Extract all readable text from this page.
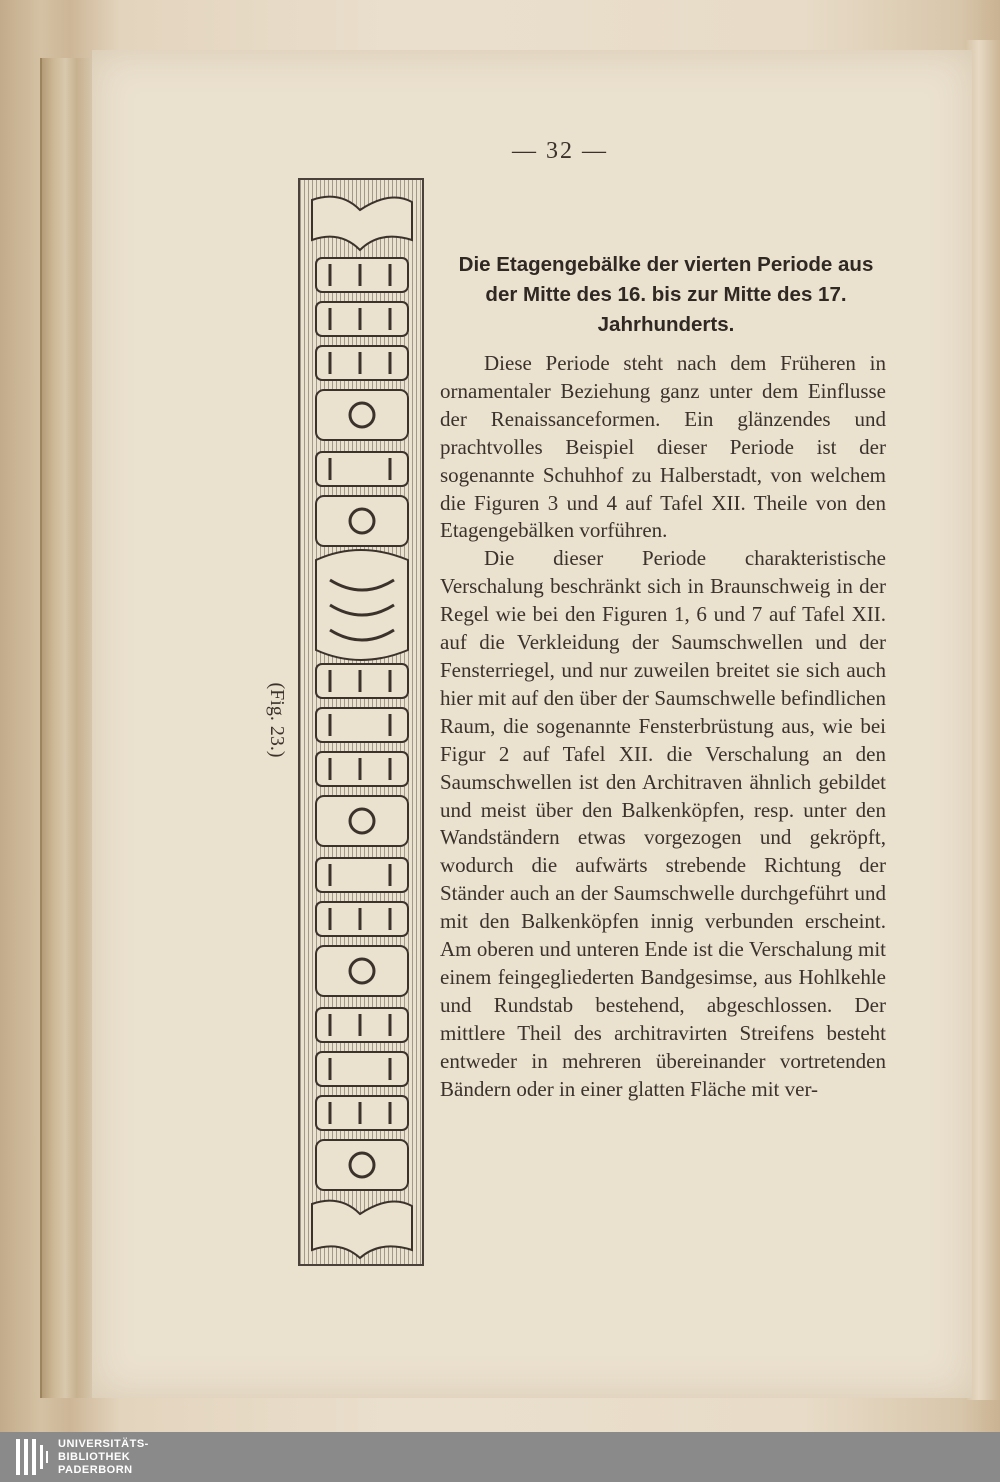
— 32 —
(Fig. 23.)
Die Etagengebälke der vierten Periode aus der Mitte des 16. bis zur Mitte des 17. Jahrhunderts.

Diese Periode steht nach dem Früheren in ornamentaler Beziehung ganz unter dem Einflusse der Renaissanceformen. Ein glänzendes und prachtvolles Beispiel dieser Periode ist der sogenannte Schuhhof zu Halberstadt, von welchem die Figuren 3 und 4 auf Tafel XII. Theile von den Etagengebälken vorführen.

Die dieser Periode charakteristische Verschalung beschränkt sich in Braunschweig in der Regel wie bei den Figuren 1, 6 und 7 auf Tafel XII. auf die Verkleidung der Saumschwellen und der Fensterriegel, und nur zuweilen breitet sie sich auch hier mit auf den über der Saumschwelle befindlichen Raum, die sogenannte Fensterbrüstung aus, wie bei Figur 2 auf Tafel XII. die Verschalung an den Saumschwellen ist den Architraven ähnlich gebildet und meist über den Balkenköpfen, resp. unter den Wandständern etwas vorgezogen und gekröpft, wodurch die aufwärts strebende Richtung der Ständer auch an der Saumschwelle durchgeführt und mit den Balkenköpfen innig verbunden erscheint. Am oberen und unteren Ende ist die Verschalung mit einem feingegliederten Bandgesimse, aus Hohlkehle und Rundstab bestehend, abgeschlossen. Der mittlere Theil des architravirten Streifens besteht entweder in mehreren übereinander vortretenden Bändern oder in einer glatten Fläche mit ver-

UNIVERSITÄTS-
BIBLIOTHEK
PADERBORN
